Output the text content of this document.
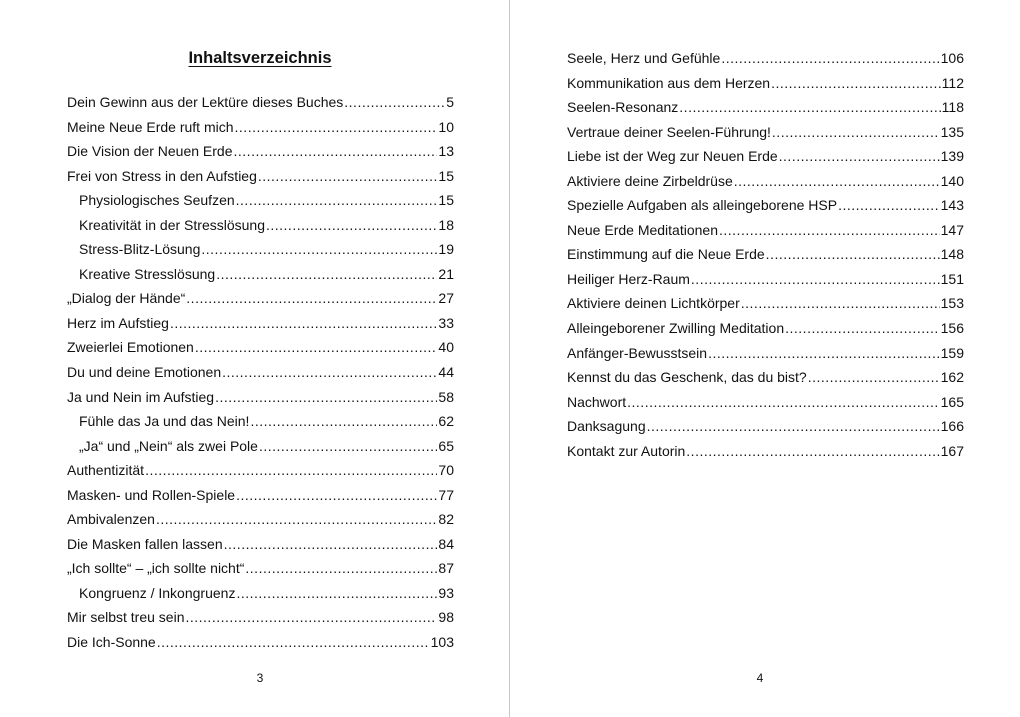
Inhaltsverzeichnis
Dein Gewinn aus der Lektüre dieses Buches .....	5
Meine Neue Erde ruft mich .....	10
Die Vision der Neuen Erde .....	13
Frei von Stress in den Aufstieg .....	15
Physiologisches Seufzen .....	15
Kreativität in der Stresslösung .....	18
Stress-Blitz-Lösung .....	19
Kreative Stresslösung .....	21
„Dialog der Hände“ .....	27
Herz im Aufstieg .....	33
Zweierlei Emotionen .....	40
Du und deine Emotionen .....	44
Ja und Nein im Aufstieg .....	58
Fühle das Ja und das Nein! .....	62
„Ja“ und „Nein“ als zwei Pole .....	65
Authentizität .....	70
Masken- und Rollen-Spiele .....	77
Ambivalenzen .....	82
Die Masken fallen lassen .....	84
„Ich sollte“ – „ich sollte nicht“ .....	87
Kongruenz / Inkongruenz .....	93
Mir selbst treu sein .....	98
Die Ich-Sonne .....	103
3
Seele, Herz und Gefühle .....	106
Kommunikation aus dem Herzen .....	112
Seelen-Resonanz .....	118
Vertraue deiner Seelen-Führung! .....	135
Liebe ist der Weg zur Neuen Erde .....	139
Aktiviere deine Zirbeldrüse .....	140
Spezielle Aufgaben als alleingeborene HSP .....	143
Neue Erde Meditationen .....	147
Einstimmung auf die Neue Erde .....	148
Heiliger Herz-Raum .....	151
Aktiviere deinen Lichtkörper .....	153
Alleingeborener Zwilling Meditation .....	156
Anfänger-Bewusstsein .....	159
Kennst du das Geschenk, das du bist? .....	162
Nachwort .....	165
Danksagung .....	166
Kontakt zur Autorin .....	167
4
